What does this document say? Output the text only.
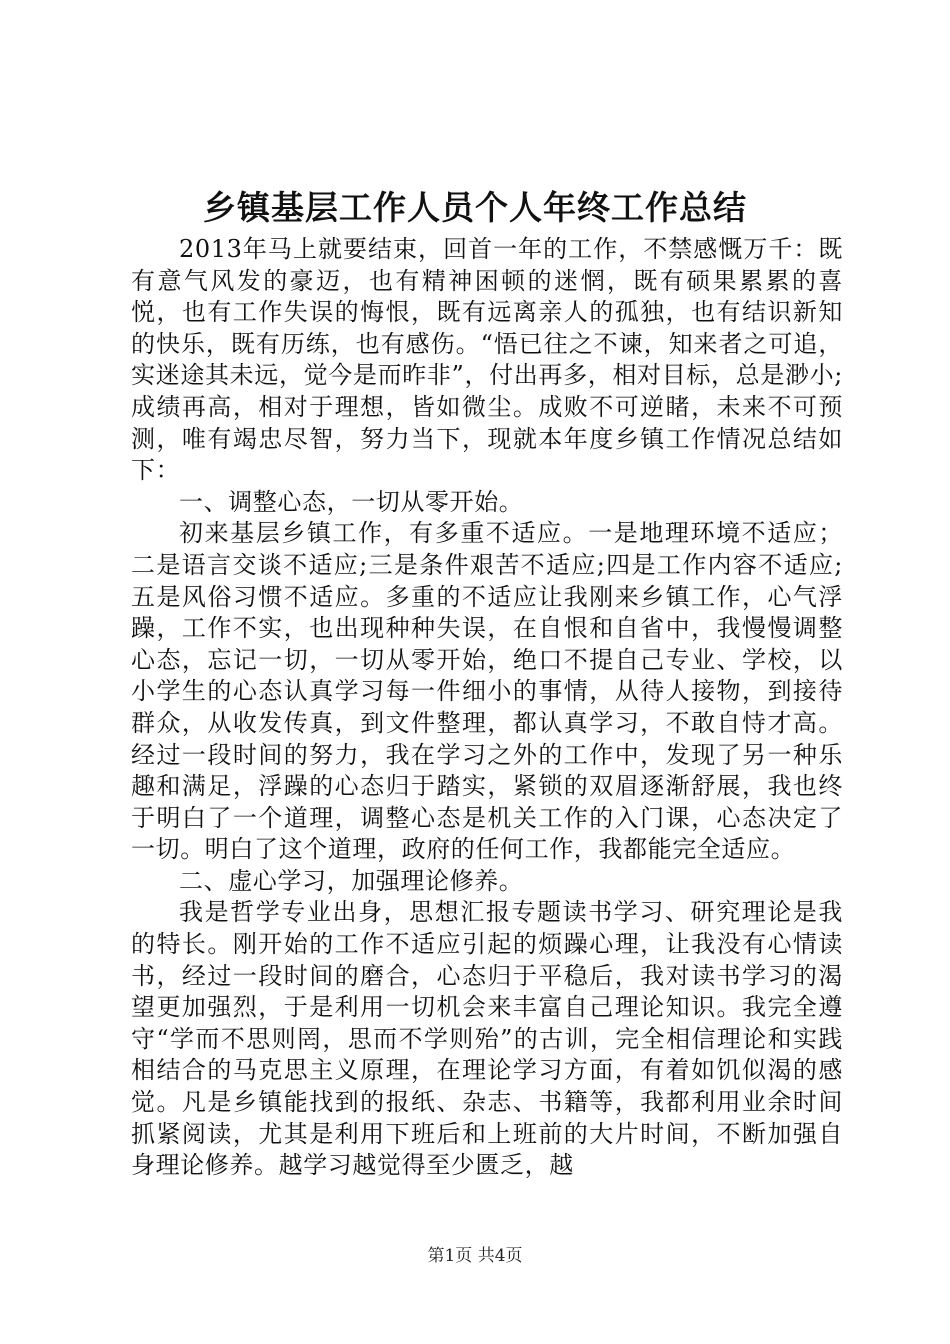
乡镇基层工作人员个人年终工作总结

2013年马上就要结束，回首一年的工作，不禁感慨万千：既有意气风发的豪迈，也有精神困顿的迷惘，既有硕果累累的喜悦，也有工作失误的悔恨，既有远离亲人的孤独，也有结识新知的快乐，既有历练，也有感伤。“悟已往之不谏，知来者之可追，实迷途其未远，觉今是而昨非”，付出再多，相对目标，总是渺小;成绩再高，相对于理想，皆如微尘。成败不可逆睹，未来不可预测，唯有竭忠尽智，努力当下，现就本年度乡镇工作情况总结如下：

一、调整心态，一切从零开始。

初来基层乡镇工作，有多重不适应。一是地理环境不适应；二是语言交谈不适应;三是条件艰苦不适应;四是工作内容不适应;五是风俗习惯不适应。多重的不适应让我刚来乡镇工作，心气浮躁，工作不实，也出现种种失误，在自恨和自省中，我慢慢调整心态，忘记一切，一切从零开始，绝口不提自己专业、学校，以小学生的心态认真学习每一件细小的事情，从待人接物，到接待群众，从收发传真，到文件整理，都认真学习，不敢自恃才高。经过一段时间的努力，我在学习之外的工作中，发现了另一种乐趣和满足，浮躁的心态归于踏实，紧锁的双眉逐渐舒展，我也终于明白了一个道理，调整心态是机关工作的入门课，心态决定了一切。明白了这个道理，政府的任何工作，我都能完全适应。

二、虚心学习，加强理论修养。

我是哲学专业出身，思想汇报专题读书学习、研究理论是我的特长。刚开始的工作不适应引起的烦躁心理，让我没有心情读书，经过一段时间的磨合，心态归于平稳后，我对读书学习的渴望更加强烈，于是利用一切机会来丰富自己理论知识。我完全遵守“学而不思则罔，思而不学则殆”的古训，完全相信理论和实践相结合的马克思主义原理，在理论学习方面，有着如饥似渴的感觉。凡是乡镇能找到的报纸、杂志、书籍等，我都利用业余时间抓紧阅读，尤其是利用下班后和上班前的大片时间，不断加强自身理论修养。越学习越觉得至少匮乏，越

第1页 共4页
